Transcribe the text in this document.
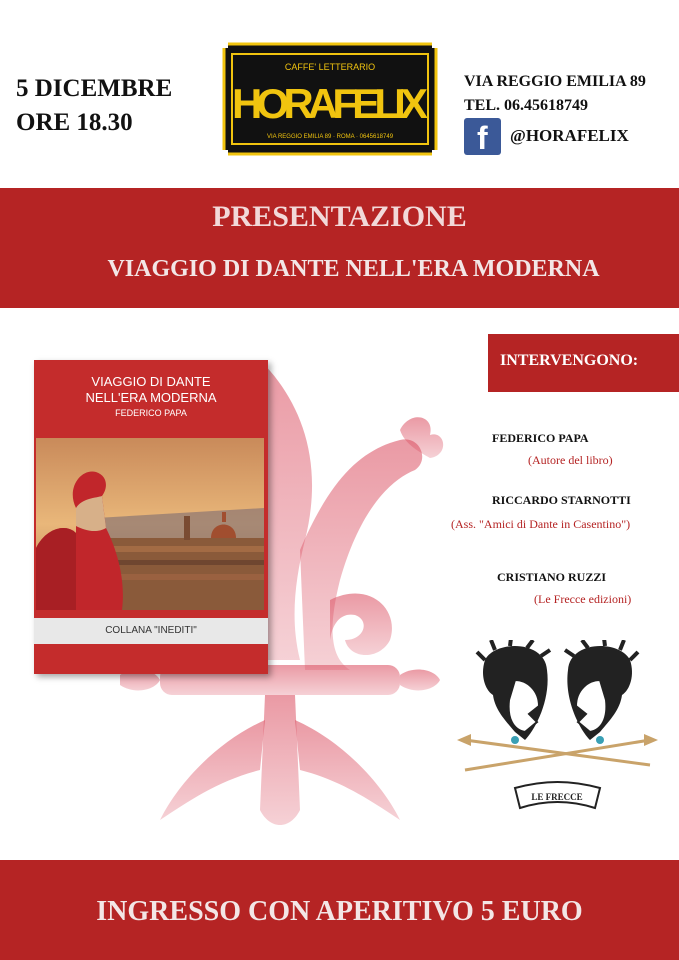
5 DICEMBRE
ORE 18.30
CAFFE' LETTERARIO
HORAFELIX
VIA REGGIO EMILIA 89 · ROMA · 0645618749
VIA REGGIO EMILIA 89
TEL. 06.45618749
f @HORAFELIX
PRESENTAZIONE
VIAGGIO DI DANTE NELL'ERA MODERNA
VIAGGIO DI DANTE
NELL'ERA MODERNA
FEDERICO PAPA
COLLANA "INEDITI"
INTERVENGONO:
FEDERICO PAPA
(Autore del libro)
RICCARDO STARNOTTI
(Ass. "Amici di Dante in Casentino")
CRISTIANO RUZZI
(Le Frecce edizioni)
LE FRECCE
INGRESSO CON APERITIVO 5 EURO
